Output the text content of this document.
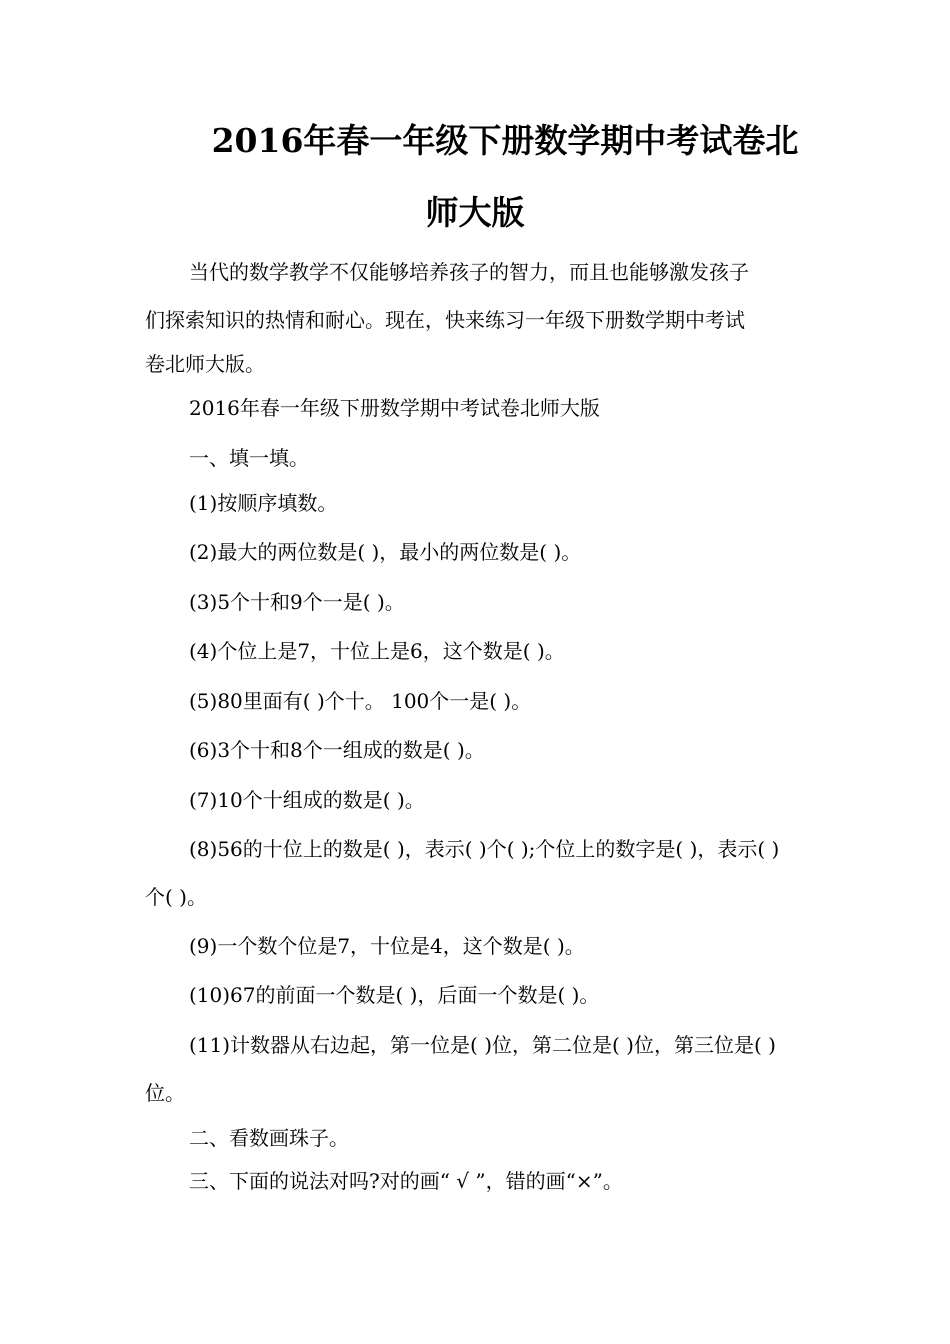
2016年春一年级下册数学期中考试卷北
师大版
当代的数学教学不仅能够培养孩子的智力，而且也能够激发孩子
们探索知识的热情和耐心。现在，快来练习一年级下册数学期中考试
卷北师大版。
2016年春一年级下册数学期中考试卷北师大版
一、填一填。
(1)按顺序填数。
(2)最大的两位数是( )，最小的两位数是( )。
(3)5个十和9个一是( )。
(4)个位上是7，十位上是6，这个数是( )。
(5)80里面有( )个十。 100个一是( )。
(6)3个十和8个一组成的数是( )。
(7)10个十组成的数是( )。
(8)56的十位上的数是( )，表示( )个( );个位上的数字是( )，表示( )
个( )。
(9)一个数个位是7，十位是4，这个数是( )。
(10)67的前面一个数是( )，后面一个数是( )。
(11)计数器从右边起，第一位是( )位，第二位是( )位，第三位是( )
位。
二、看数画珠子。
三、下面的说法对吗?对的画“ √ ”，错的画“×”。
